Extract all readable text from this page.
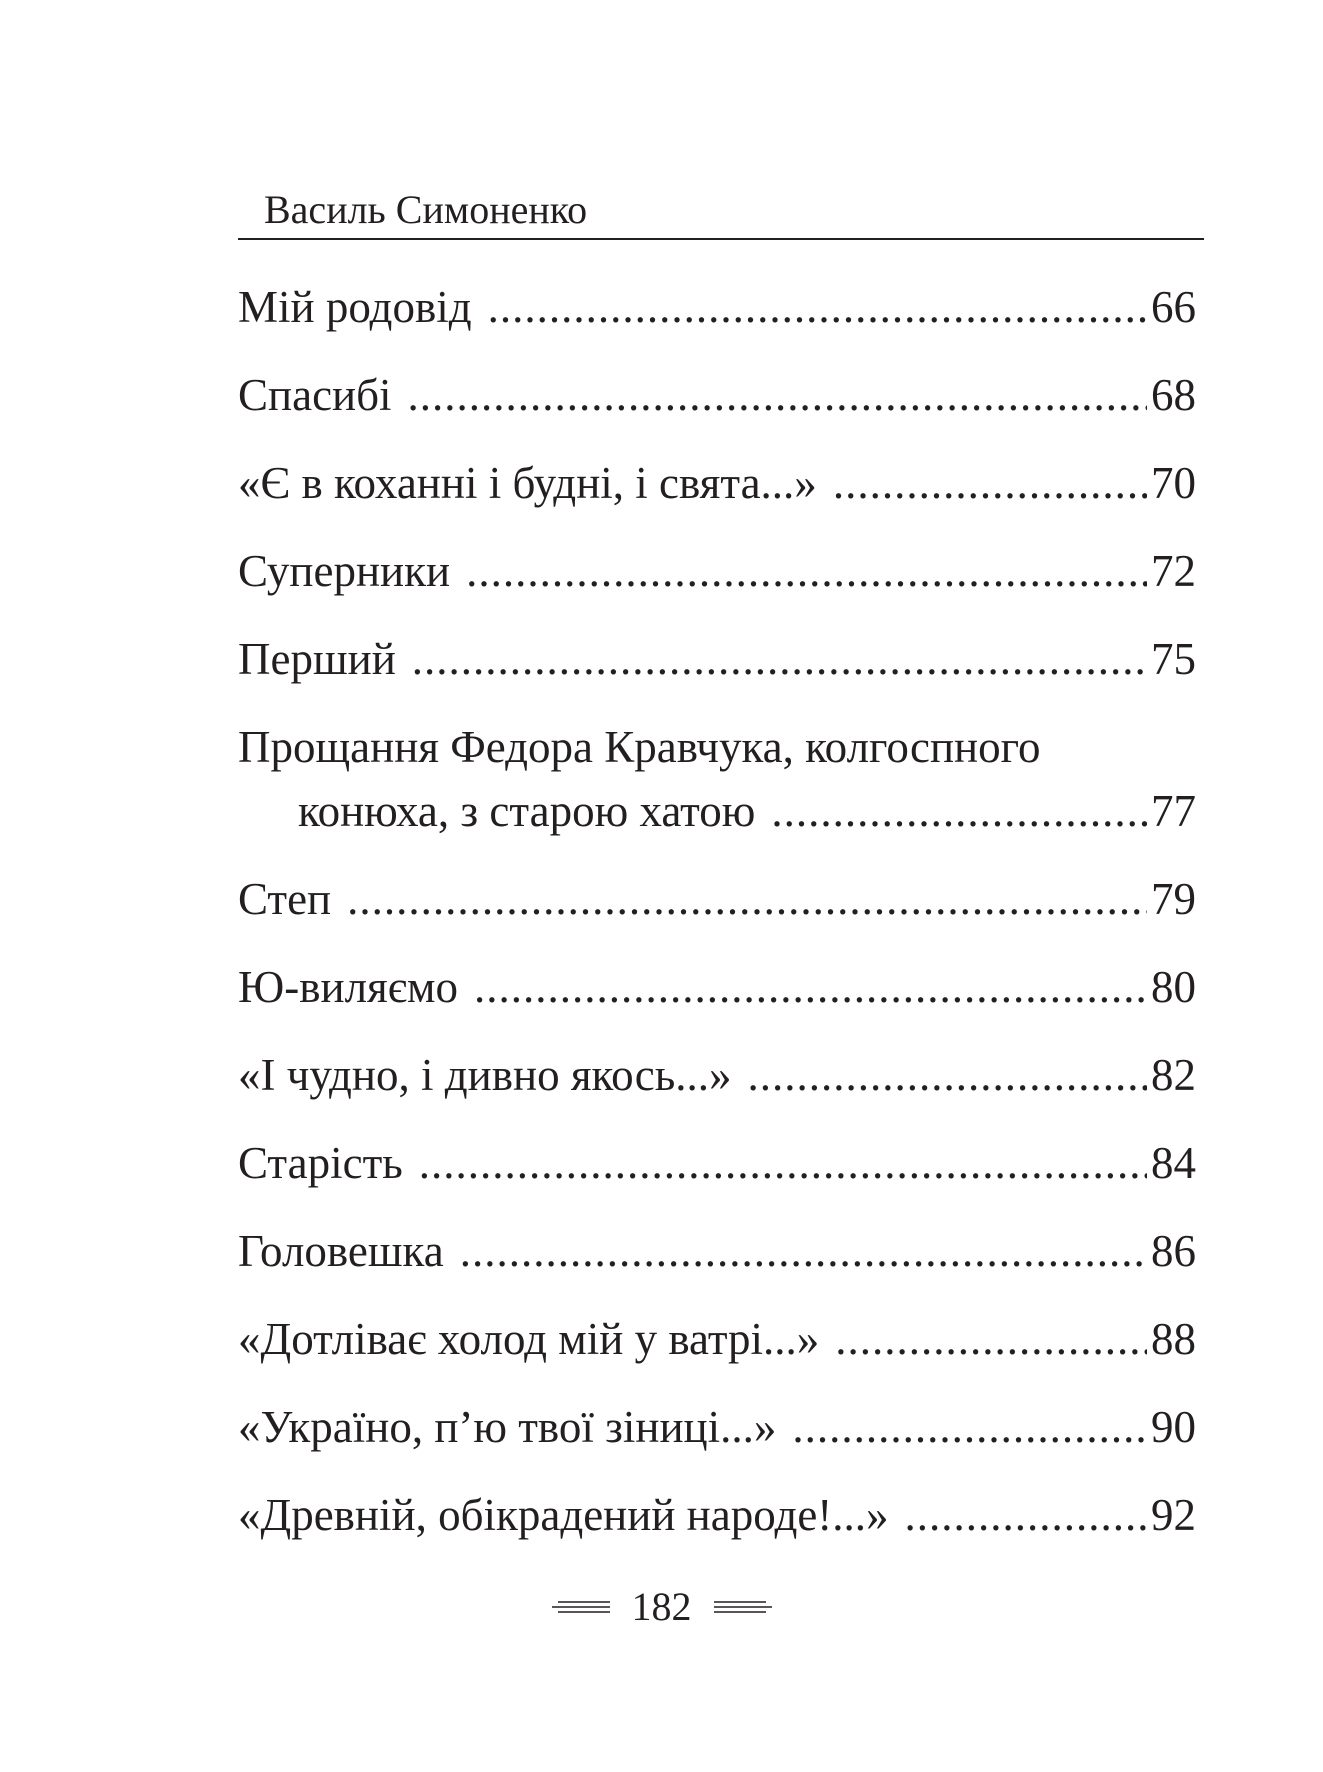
Василь Симоненко
Мій родовід .....	66
Спасибі .....	68
«Є в коханні і будні, і свята...» .....	70
Суперники .....	72
Перший .....	75
Прощання Федора Кравчука, колгоспного
конюха, з старою хатою .....	77
Степ .....	79
Ю-виляємо .....	80
«І чудно, і дивно якось...» .....	82
Старість .....	84
Головешка .....	86
«Дотліває холод мій у ватрі...» .....	88
«Україно, п’ю твої зіниці...» .....	90
«Древній, обікрадений народе!...» .....	92
182
